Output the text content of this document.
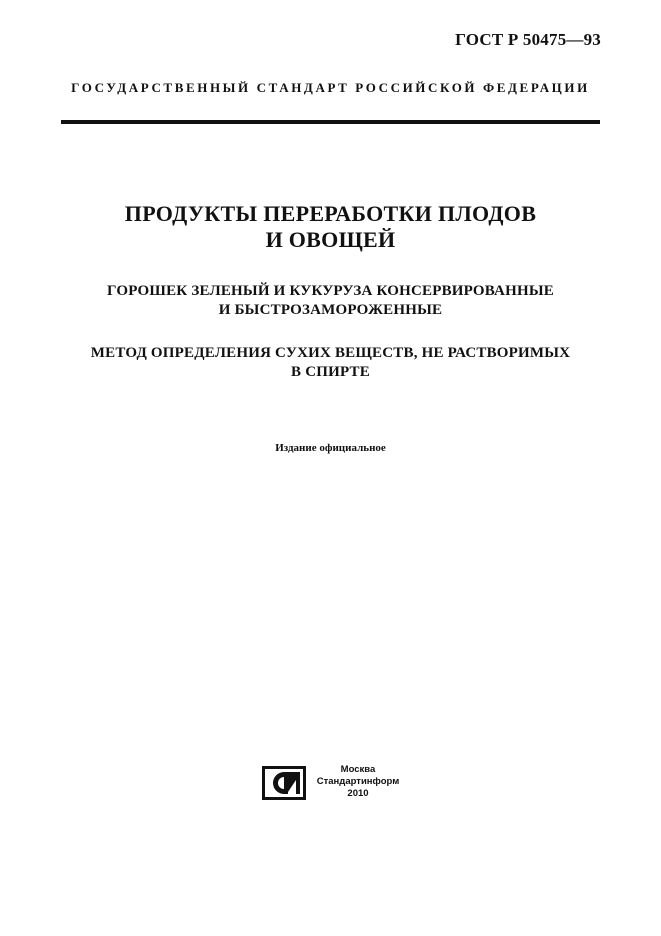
ГОСТ Р 50475—93
ГОСУДАРСТВЕННЫЙ СТАНДАРТ РОССИЙСКОЙ ФЕДЕРАЦИИ
ПРОДУКТЫ ПЕРЕРАБОТКИ ПЛОДОВ
И ОВОЩЕЙ
ГОРОШЕК ЗЕЛЕНЫЙ И КУКУРУЗА КОНСЕРВИРОВАННЫЕ
И БЫСТРОЗАМОРОЖЕННЫЕ
МЕТОД ОПРЕДЕЛЕНИЯ СУХИХ ВЕЩЕСТВ, НЕ РАСТВОРИМЫХ
В СПИРТЕ
Издание официальное
Москва
Стандартинформ
2010
